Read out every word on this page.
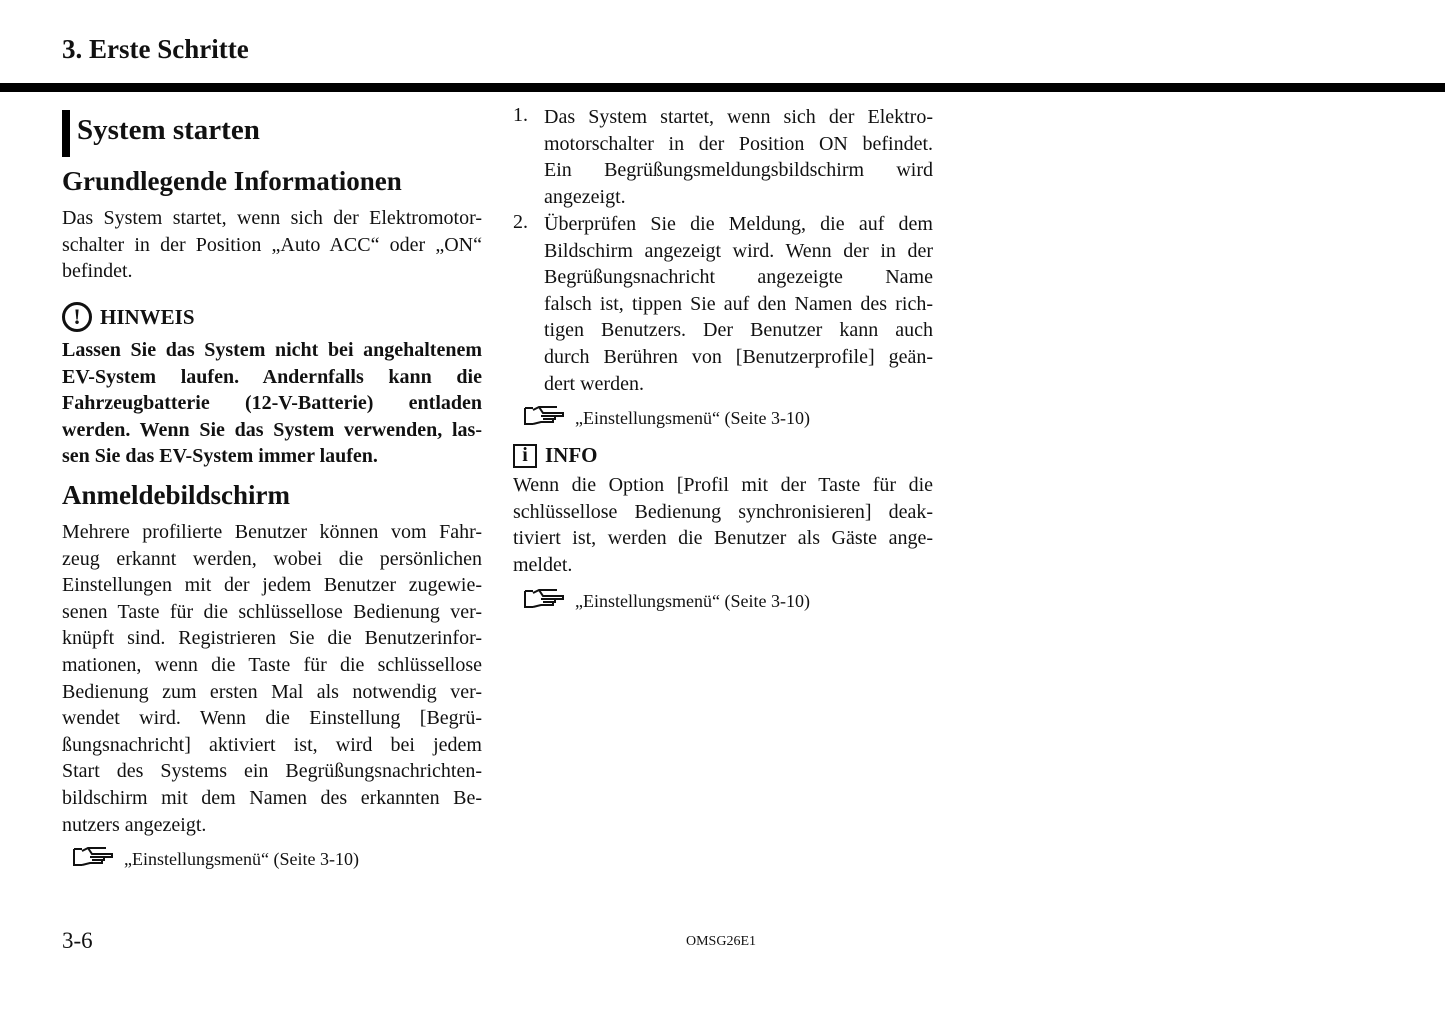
3. Erste Schritte
System starten
Grundlegende Informationen
Das System startet, wenn sich der Elektromotor-
schalter in der Position „Auto ACC“ oder „ON“
befindet.
! HINWEIS
Lassen Sie das System nicht bei angehaltenem
EV-System laufen. Andernfalls kann die
Fahrzeugbatterie (12-V-Batterie) entladen
werden. Wenn Sie das System verwenden, las-
sen Sie das EV-System immer laufen.
Anmeldebildschirm
Mehrere profilierte Benutzer können vom Fahr-
zeug erkannt werden, wobei die persönlichen
Einstellungen mit der jedem Benutzer zugewie-
senen Taste für die schlüssellose Bedienung ver-
knüpft sind. Registrieren Sie die Benutzerinfor-
mationen, wenn die Taste für die schlüssellose
Bedienung zum ersten Mal als notwendig ver-
wendet wird. Wenn die Einstellung [Begrü-
ßungsnachricht] aktiviert ist, wird bei jedem
Start des Systems ein Begrüßungsnachrichten-
bildschirm mit dem Namen des erkannten Be-
nutzers angezeigt.
„Einstellungsmenü“ (Seite 3-10)
1. Das System startet, wenn sich der Elektro-
motorschalter in der Position ON befindet.
Ein Begrüßungsmeldungsbildschirm wird
angezeigt.
2. Überprüfen Sie die Meldung, die auf dem
Bildschirm angezeigt wird. Wenn der in der
Begrüßungsnachricht angezeigte Name
falsch ist, tippen Sie auf den Namen des rich-
tigen Benutzers. Der Benutzer kann auch
durch Berühren von [Benutzerprofile] geän-
dert werden.
„Einstellungsmenü“ (Seite 3-10)
i INFO
Wenn die Option [Profil mit der Taste für die
schlüssellose Bedienung synchronisieren] deak-
tiviert ist, werden die Benutzer als Gäste ange-
meldet.
„Einstellungsmenü“ (Seite 3-10)
3-6	OMSG26E1
